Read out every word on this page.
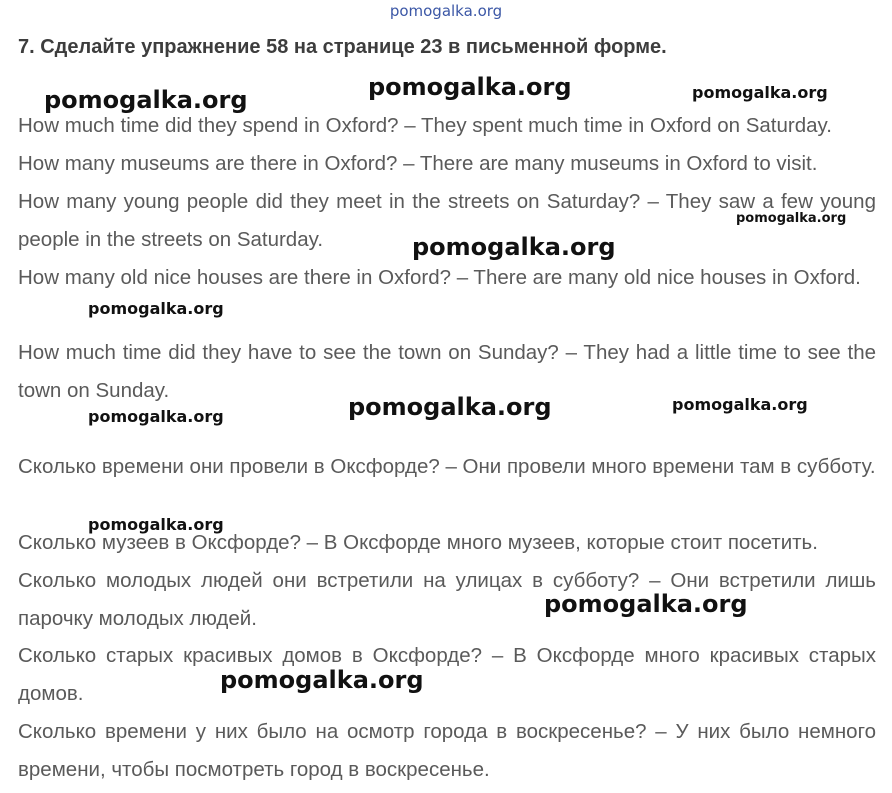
pomogalka.org
7. Сделайте упражнение 58 на странице 23 в письменной форме.
How much time did they spend in Oxford? – They spent much time in Oxford on Saturday.
How many museums are there in Oxford? – There are many museums in Oxford to visit.
How many young people did they meet in the streets on Saturday? – They saw a few young people in the streets on Saturday.
How many old nice houses are there in Oxford? – There are many old nice houses in Oxford.
How much time did they have to see the town on Sunday? – They had a little time to see the town on Sunday.
Сколько времени они провели в Оксфорде? – Они провели много времени там в субботу.
Сколько музеев в Оксфорде? – В Оксфорде много музеев, которые стоит посетить.
Сколько молодых людей они встретили на улицах в субботу? – Они встретили лишь парочку молодых людей.
Сколько старых красивых домов в Оксфорде? – В Оксфорде много красивых старых домов.
Сколько времени у них было на осмотр города в воскресенье? – У них было немного времени, чтобы посмотреть город в воскресенье.
pomogalka.org	pomogalka.org	pomogalka.org
pomogalka.org
pomogalka.org
pomogalka.org
pomogalka.org	pomogalka.org	pomogalka.org
pomogalka.org
pomogalka.org
pomogalka.org
